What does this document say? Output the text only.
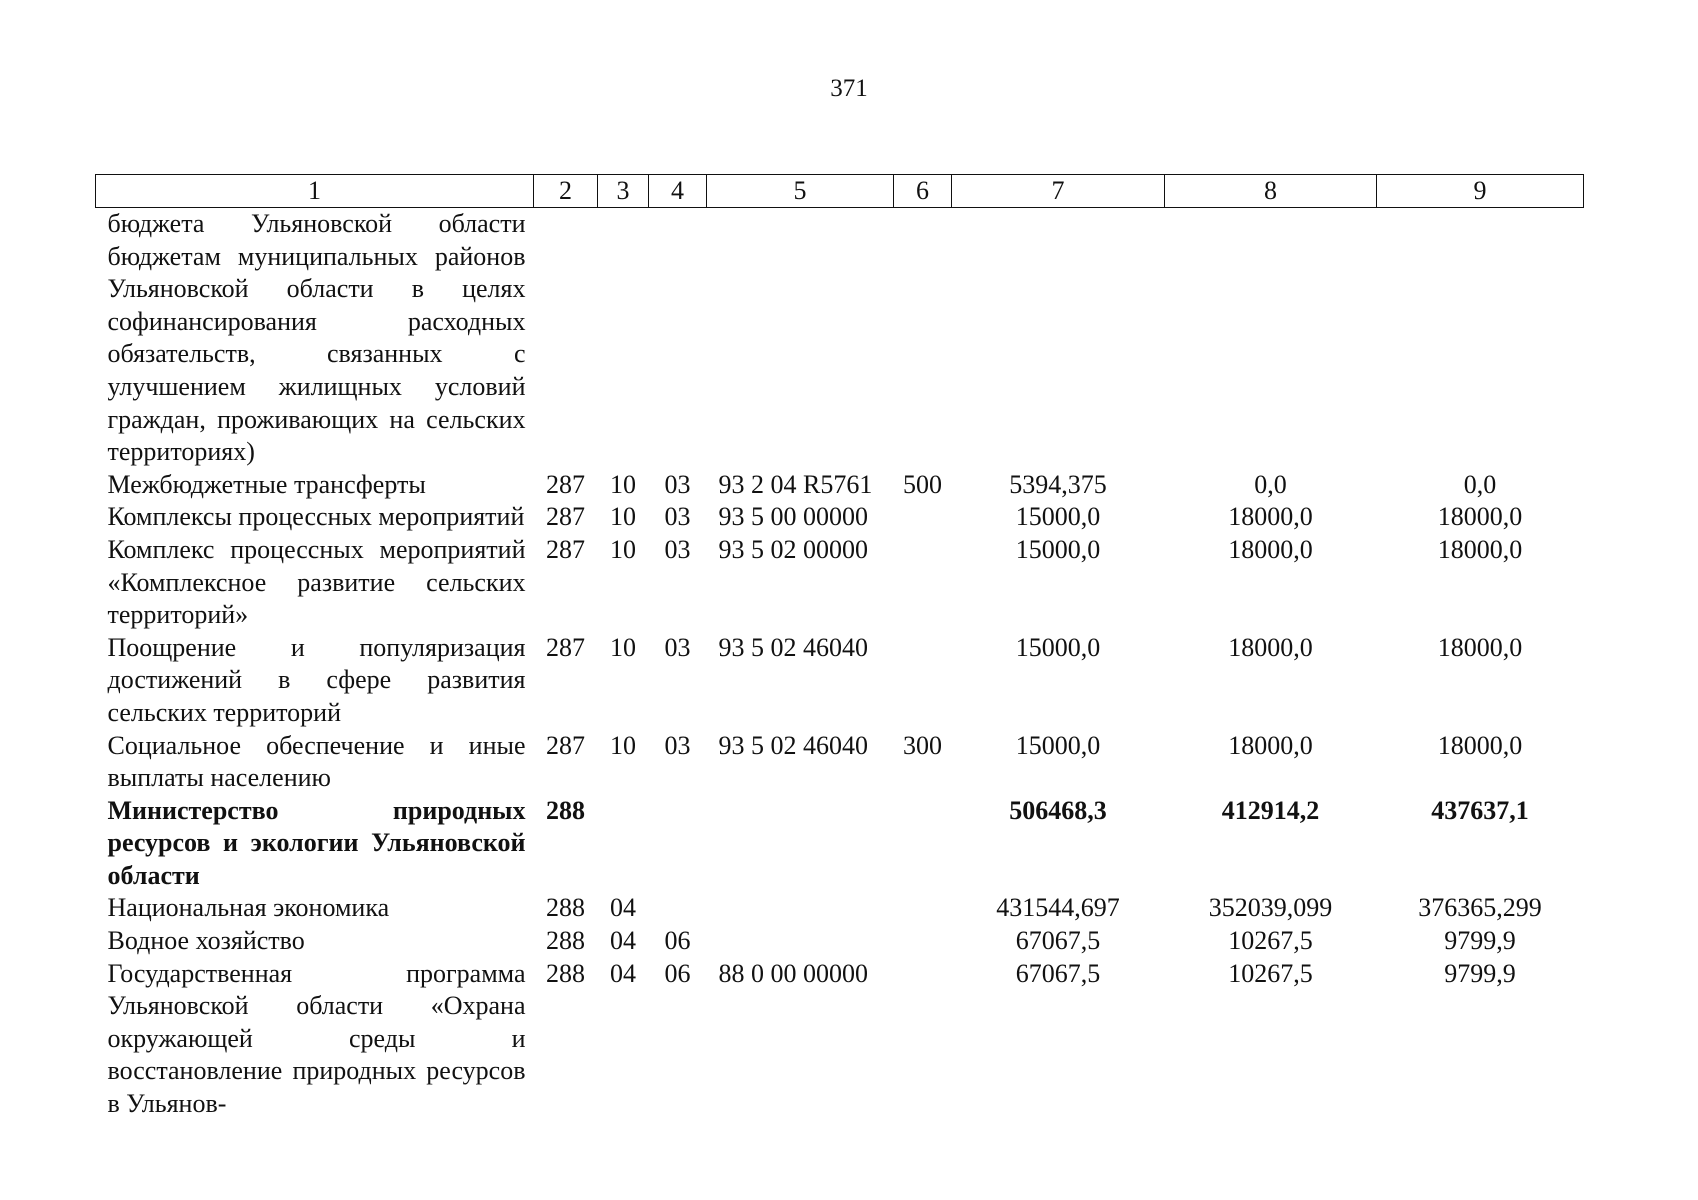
371
1	2	3	4	5	6	7	8	9
бюджета Ульяновской области бюджетам муниципальных районов Ульяновской области в целях софинансирования расходных обязательств, связанных с улучшением жилищных условий граждан, проживающих на сельских территориях)								
Межбюджетные трансферты	287	10	03	93 2 04 R5761	500	5394,375	0,0	0,0
Комплексы процессных мероприятий	287	10	03	93 5 00 00000		15000,0	18000,0	18000,0
Комплекс процессных мероприятий «Комплексное развитие сельских территорий»	287	10	03	93 5 02 00000		15000,0	18000,0	18000,0
Поощрение и популяризация достижений в сфере развития сельских территорий	287	10	03	93 5 02 46040		15000,0	18000,0	18000,0
Социальное обеспечение и иные выплаты населению	287	10	03	93 5 02 46040	300	15000,0	18000,0	18000,0
Министерство природных ресурсов и экологии Ульяновской области	288					506468,3	412914,2	437637,1
Национальная экономика	288	04				431544,697	352039,099	376365,299
Водное хозяйство	288	04	06			67067,5	10267,5	9799,9
Государственная программа Ульяновской области «Охрана окружающей среды и восстановление природных ресурсов в Ульянов-	288	04	06	88 0 00 00000		67067,5	10267,5	9799,9
